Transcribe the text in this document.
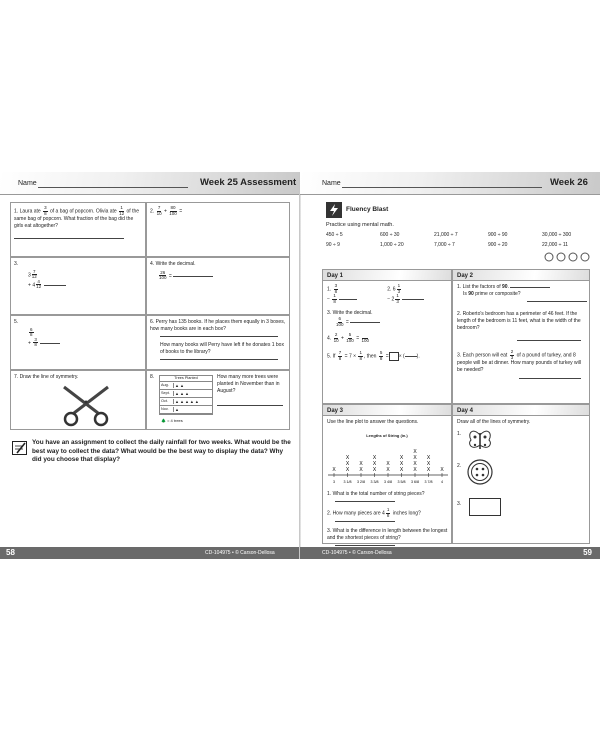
Name	Week 25 Assessment
1. Laura ate $\frac{3}{8}$ of a bag of popcorn. Olivia ate $\frac{1}{12}$ of the same bag of popcorn. What fraction of the bag did the girls eat altogether?
2. $\frac{7}{10} + \frac{80}{100}$ =
3.
$3 \frac{7}{12}$

+ $4 \frac{4}{12}$

4. Write the decimal.

$\frac{26}{100}$ =
5.
$\frac{6}{8}$

+ $\frac{3}{8}$

6. Perry has 135 books. If he places them equally in 3 boxes, how many books are in each box?
How many books will Perry have left if he donates 1 box of books to the library?
7. Draw the line of symmetry.	8.	Trees Planted
Aug.	▲ ▲
Sept.	▲ ▲ ▲
Oct.	▲ ▲ ▲ ▲ ▲
Nov.	▲
🌲 = 4 trees
How many more trees were planted in November than in August?
You have an assignment to collect the daily rainfall for two weeks. What would be the best way to collect the data? What would be the best way to display the data? Why did you choose that display?
58	CD-104975 • © Carson-Dellosa
Name	Week 26
Fluency Blast
Practice using mental math.
450 ÷ 5	600 ÷ 30	21,000 ÷ 7	900 ÷ 90	30,000 ÷ 300
90 ÷ 9	1,000 ÷ 20	7,000 ÷ 7	900 ÷ 20	22,000 ÷ 11
Day 1
1. $\frac{3}{8}$

− $\frac{1}{8}$

2. $6 \frac{1}{3}$

− $2 \frac{1}{3}$

3. Write the decimal.
$\frac{6}{100}$ =
4. $\frac{2}{10} + \frac{5}{100}$ =
100
5. If $\frac{7}{8} = 7 \times \frac{1}{8}$ , then $\frac{5}{8}$ = × ( ).
Day 2
1. List the factors of 90.
Is 90 prime or composite?
2. Roberto's bedroom has a perimeter of 46 feet. If the length of the bedroom is 11 feet, what is the width of the bedroom?
3. Each person will eat $\frac{2}{3}$ of a pound of turkey, and 8 people will be at dinner. How many pounds of turkey will be needed?
Day 3
Use the line plot to answer the questions.
Lengths of String (in.)
3
X
3 1/8
X
X
X
3 2/8
X
X
3 3/8
X
X
X
3 4/8
X
X
3 5/8
X
X
X
3 6/8
X
X
X
X
3 7/8
X
X
X
4
X
1. What is the total number of string pieces?
2. How many pieces are $4 \frac{1}{8}$ inches long?
3. What is the difference in length between the longest and the shortest pieces of string?
Day 4
Draw all of the lines of symmetry.
1.
2.
3.
CD-104975 • © Carson-Dellosa	59
